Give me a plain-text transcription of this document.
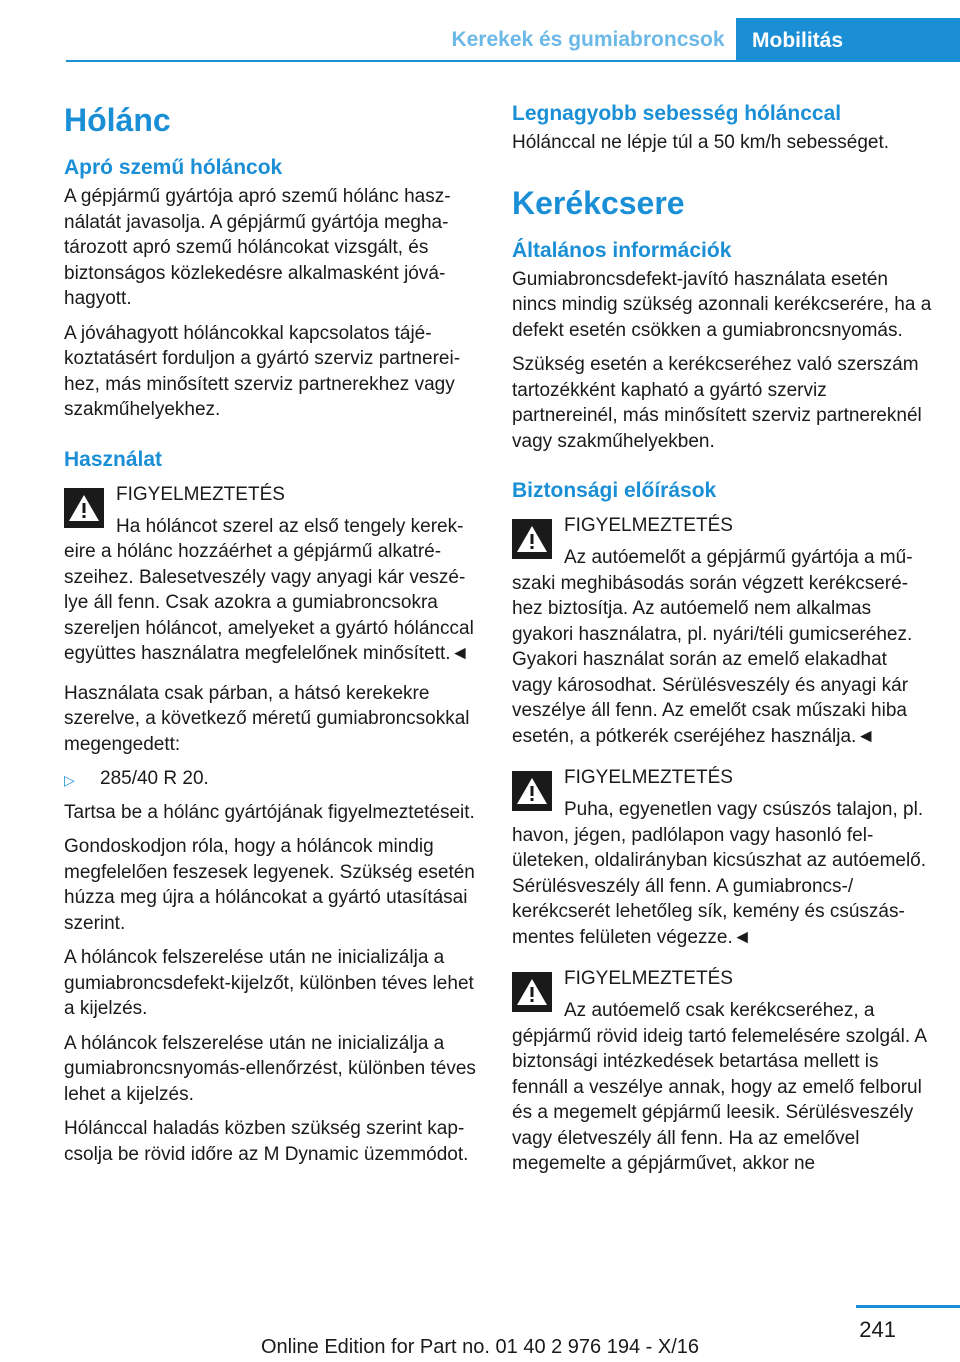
Kerekek és gumiabroncsok	Mobilitás
Hólánc
Apró szemű hóláncok

A gépjármű gyártója apró szemű hólánc használatát javasolja. A gépjármű gyártója meghatározott apró szemű hóláncokat vizsgált, és biztonságos közlekedésre alkalmasként jóváhagyott.

A jóváhagyott hóláncokkal kapcsolatos tájékoztatásért forduljon a gyártó szerviz partnereihez, más minősített szerviz partnerekhez vagy szakműhelyekhez.

Használat
FIGYELMEZTETÉS
Ha hóláncot szerel az első tengely kerekeire a hólánc hozzáérhet a gépjármű alkatrészeihez. Balesetveszély vagy anyagi kár veszélye áll fenn. Csak azokra a gumiabroncsokra szereljen hóláncot, amelyeket a gyártó hólánccal együttes használatra megfelelőnek minősített.◄

Használata csak párban, a hátsó kerekekre szerelve, a következő méretű gumiabroncsokkal megengedett:

▷	285/40 R 20.

Tartsa be a hólánc gyártójának figyelmeztetéseit.

Gondoskodjon róla, hogy a hóláncok mindig megfelelően feszesek legyenek. Szükség esetén húzza meg újra a hóláncokat a gyártó utasításai szerint.

A hóláncok felszerelése után ne inicializálja a gumiabroncsdefekt-kijelzőt, különben téves lehet a kijelzés.

A hóláncok felszerelése után ne inicializálja a gumiabroncsnyomás-ellenőrzést, különben téves lehet a kijelzés.

Hólánccal haladás közben szükség szerint kapcsolja be rövid időre az M Dynamic üzemmódot.

Legnagyobb sebesség hólánccal

Hólánccal ne lépje túl a 50 km/h sebességet.

Kerékcsere
Általános információk

Gumiabroncsdefekt-javító használata esetén nincs mindig szükség azonnali kerékcserére, ha a defekt esetén csökken a gumiabroncsnyomás.

Szükség esetén a kerékcseréhez való szerszám tartozékként kapható a gyártó szerviz partnereinél, más minősített szerviz partnereknél vagy szakműhelyekben.

Biztonsági előírások
FIGYELMEZTETÉS
Az autóemelőt a gépjármű gyártója a műszaki meghibásodás során végzett kerékcseréhez biztosítja. Az autóemelő nem alkalmas gyakori használatra, pl. nyári/téli gumicseréhez. Gyakori használat során az emelő elakadhat vagy károsodhat. Sérülésveszély és anyagi kár veszélye áll fenn. Az emelőt csak műszaki hiba esetén, a pótkerék cseréjéhez használja.◄
FIGYELMEZTETÉS
Puha, egyenetlen vagy csúszós talajon, pl. havon, jégen, padlólapon vagy hasonló felületeken, oldalirányban kicsúszhat az autóemelő. Sérülésveszély áll fenn. A gumiabroncs-/ kerékcserét lehetőleg sík, kemény és csúszásmentes felületen végezze.◄
FIGYELMEZTETÉS
Az autóemelő csak kerékcseréhez, a gépjármű rövid ideig tartó felemelésére szolgál. A biztonsági intézkedések betartása mellett is fennáll a veszélye annak, hogy az emelő felborul és a megemelt gépjármű leesik. Sérülésveszély vagy életveszély áll fenn. Ha az emelővel megemelte a gépjárművet, akkor ne
241
Online Edition for Part no. 01 40 2 976 194 - X/16
